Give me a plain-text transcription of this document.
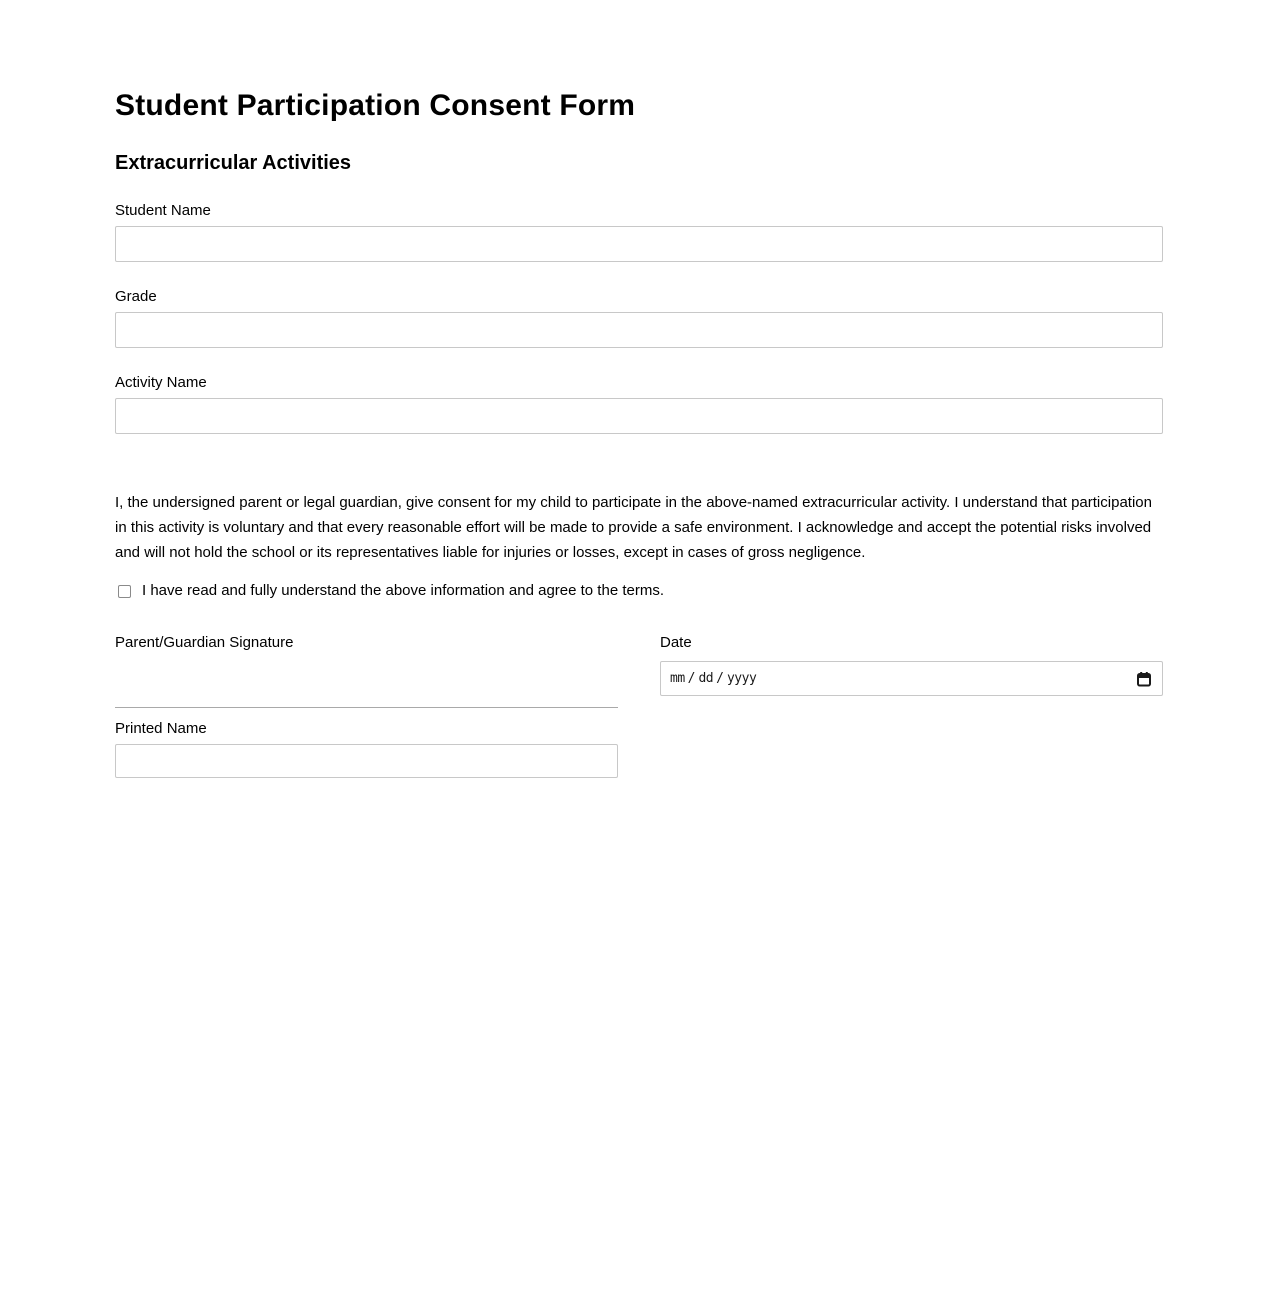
Student Participation Consent Form
Extracurricular Activities
Student Name
Grade
Activity Name

I, the undersigned parent or legal guardian, give consent for my child to participate in the above-named extracurricular activity. I understand that participation in this activity is voluntary and that every reasonable effort will be made to provide a safe environment. I acknowledge and accept the potential risks involved and will not hold the school or its representatives liable for injuries or losses, except in cases of gross negligence.

I have read and fully understand the above information and agree to the terms.
Parent/Guardian Signature
Printed Name
Date
mm / dd / yyyy
